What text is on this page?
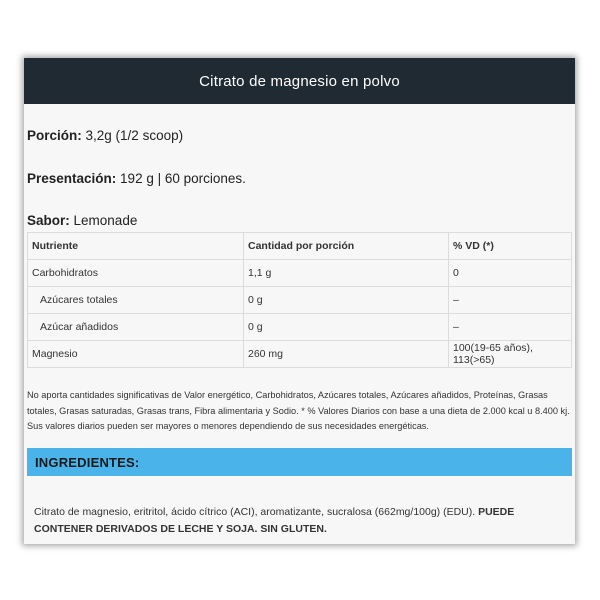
Citrato de magnesio en polvo
Porción: 3,2g (1/2 scoop)
Presentación: 192 g | 60 porciones.
Sabor: Lemonade
Nutriente	Cantidad por porción	% VD (*)
Carbohidratos	1,1 g	0
Azúcares totales	0 g	–
Azúcar añadidos	0 g	–
Magnesio	260 mg	100(19-65 años), 113(>65)
No aporta cantidades significativas de Valor energético, Carbohidratos, Azúcares totales, Azúcares añadidos, Proteínas, Grasas totales, Grasas saturadas, Grasas trans, Fibra alimentaria y Sodio. * % Valores Diarios con base a una dieta de 2.000 kcal u 8.400 kj. Sus valores diarios pueden ser mayores o menores dependiendo de sus necesidades energéticas.
INGREDIENTES:
Citrato de magnesio, eritritol, ácido cítrico (ACI), aromatizante, sucralosa (662mg/100g) (EDU). PUEDE CONTENER DERIVADOS DE LECHE Y SOJA. SIN GLUTEN.
